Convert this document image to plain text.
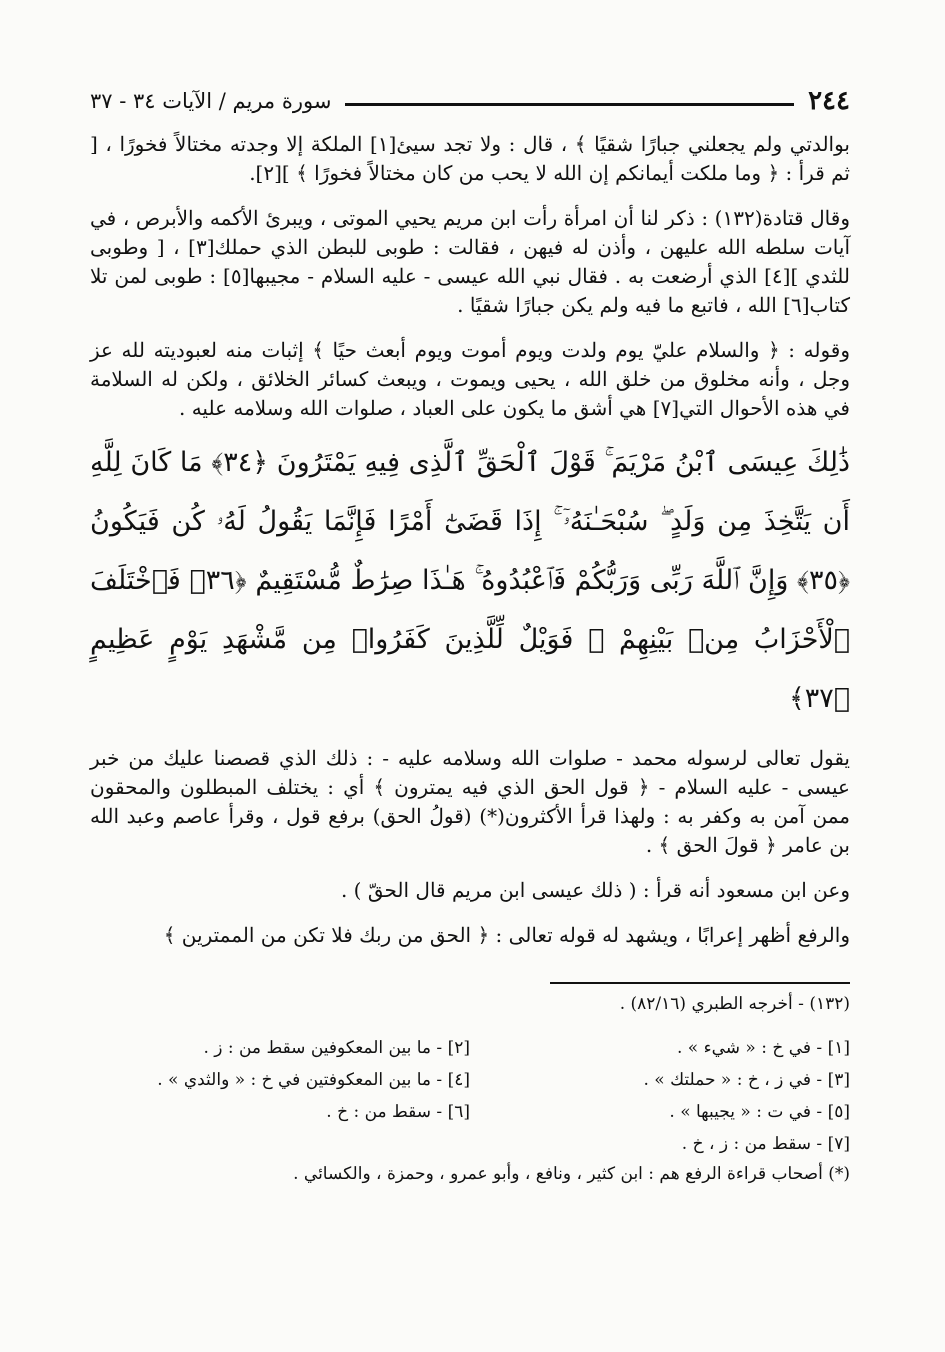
٢٤٤
سورة مريم / الآيات ٣٤ - ٣٧

بوالدتي ولم يجعلني جبارًا شقيًا ﴾ ، قال : ولا تجد سيئ[١] الملكة إلا وجدته مختالاً فخورًا ، [ ثم قرأ : ﴿ وما ملكت أيمانكم إن الله لا يحب من كان مختالاً فخورًا ﴾ ][٢].

وقال قتادة(١٣٢) : ذكر لنا أن امرأة رأت ابن مريم يحيي الموتى ، ويبرئ الأكمه والأبرص ، في آيات سلطه الله عليهن ، وأذن له فيهن ، فقالت : طوبى للبطن الذي حملك[٣] ، [ وطوبى للثدي ][٤] الذي أرضعت به . فقال نبي الله عيسى - عليه السلام - مجيبها[٥] : طوبى لمن تلا كتاب[٦] الله ، فاتبع ما فيه ولم يكن جبارًا شقيًا .

وقوله : ﴿ والسلام عليّ يوم ولدت ويوم أموت ويوم أبعث حيًا ﴾ إثبات منه لعبوديته لله عز وجل ، وأنه مخلوق من خلق الله ، يحيى ويموت ، ويبعث كسائر الخلائق ، ولكن له السلامة في هذه الأحوال التي[٧] هي أشق ما يكون على العباد ، صلوات الله وسلامه عليه .

ذَٰلِكَ عِيسَى ٱبْنُ مَرْيَمَ ۚ قَوْلَ ٱلْحَقِّ ٱلَّذِى فِيهِ يَمْتَرُونَ ﴿٣٤﴾ مَا كَانَ لِلَّهِ أَن يَتَّخِذَ مِن وَلَدٍ ۖ سُبْحَـٰنَهُۥٓ ۚ إِذَا قَضَىٰٓ أَمْرًا فَإِنَّمَا يَقُولُ لَهُۥ كُن فَيَكُونُ ﴿٣٥﴾ وَإِنَّ ٱللَّهَ رَبِّى وَرَبُّكُمْ فَٱعْبُدُوهُ ۚ هَـٰذَا صِرَٰطٌ مُّسْتَقِيمٌ ﴿٣٦﴾ فَٱخْتَلَفَ ٱلْأَحْزَابُ مِنۢ بَيْنِهِمْ ۖ فَوَيْلٌ لِّلَّذِينَ كَفَرُوا۟ مِن مَّشْهَدِ يَوْمٍ عَظِيمٍ ﴿٣٧﴾

يقول تعالى لرسوله محمد - صلوات الله وسلامه عليه - : ذلك الذي قصصنا عليك من خبر عيسى - عليه السلام - ﴿ قول الحق الذي فيه يمترون ﴾ أي : يختلف المبطلون والمحقون ممن آمن به وكفر به : ولهذا قرأ الأكثرون(*) (قولُ الحق) برفع قول ، وقرأ عاصم وعبد الله بن عامر ﴿ قولَ الحق ﴾ .

وعن ابن مسعود أنه قرأ : ( ذلك عيسى ابن مريم قال الحقّ ) .

والرفع أظهر إعرابًا ، ويشهد له قوله تعالى : ﴿ الحق من ربك فلا تكن من الممترين ﴾

(١٣٢) - أخرجه الطبري (٨٢/١٦) .

[١] - في خ : « شيء » .
[٢] - ما بين المعكوفين سقط من : ز .
[٣] - في ز ، خ : « حملتك » .
[٤] - ما بين المعكوفتين في خ : « والثدي » .
[٥] - في ت : « يجيبها » .
[٦] - سقط من : خ .
[٧] - سقط من : ز ، خ .

(*) أصحاب قراءة الرفع هم : ابن كثير ، ونافع ، وأبو عمرو ، وحمزة ، والكسائي .
